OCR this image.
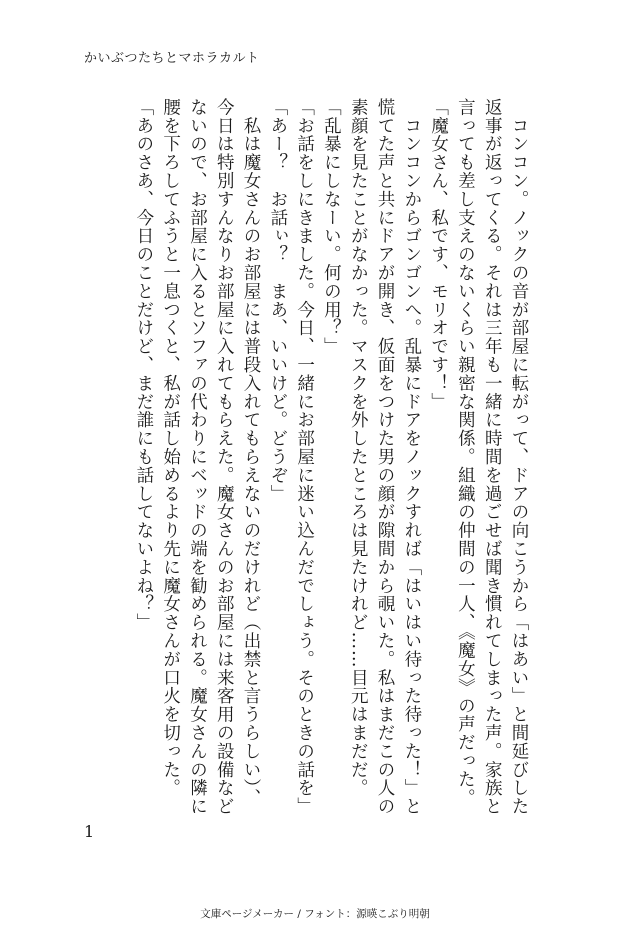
かいぶつたちとマホラカルト

　コンコン。ノックの音が部屋に転がって、ドアの向こうから「はあい」と間延びした

返事が返ってくる。それは三年も一緒に時間を過ごせば聞き慣れてしまった声。家族と

言っても差し支えのないくらい親密な関係。組織の仲間の一人、《魔女》の声だった。

「魔女さん、私です、モリオです！」

　コンコンからゴンゴンへ。乱暴にドアをノックすれば「はいはい待った待った！」と

慌てた声と共にドアが開き、仮面をつけた男の顔が隙間から覗いた。私はまだこの人の

素顔を見たことがなかった。マスクを外したところは見たけれど……目元はまだだ。

「乱暴にしなーい。何の用？」

「お話をしにきました。今日、一緒にお部屋に迷い込んだでしょう。そのときの話を」

「あー？　お話ぃ？　まあ、いいけど。どうぞ」

　私は魔女さんのお部屋には普段入れてもらえないのだけれど（出禁と言うらしい）、

今日は特別すんなりお部屋に入れてもらえた。魔女さんのお部屋には来客用の設備など

ないので、お部屋に入るとソファの代わりにベッドの端を勧められる。魔女さんの隣に

腰を下ろしてふうと一息つくと、私が話し始めるより先に魔女さんが口火を切った。

「あのさあ、今日のことだけど、まだ誰にも話してないよね？」

1
文庫ページメーカー / フォント：源暎こぶり明朝
